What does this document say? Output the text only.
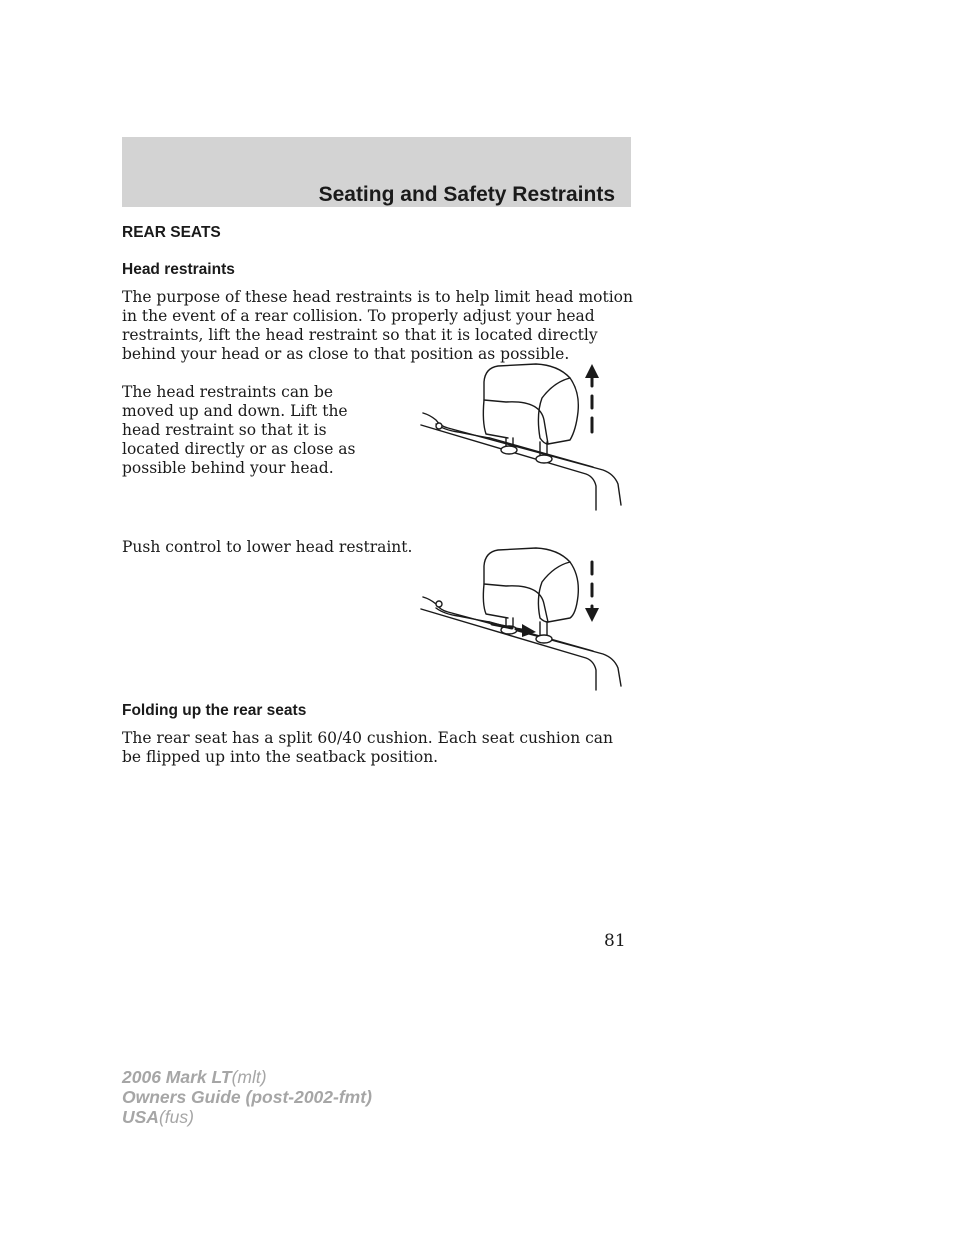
Seating and Safety Restraints
REAR SEATS
Head restraints

The purpose of these head restraints is to help limit head motion in the event of a rear collision. To properly adjust your head restraints, lift the head restraint so that it is located directly behind your head or as close to that position as possible.

The head restraints can be moved up and down. Lift the head restraint so that it is located directly or as close as possible behind your head.

Push control to lower head restraint.

Folding up the rear seats

The rear seat has a split 60/40 cushion. Each seat cushion can be flipped up into the seatback position.

81
2006 Mark LT(mlt)
Owners Guide (post-2002-fmt)
USA(fus)
